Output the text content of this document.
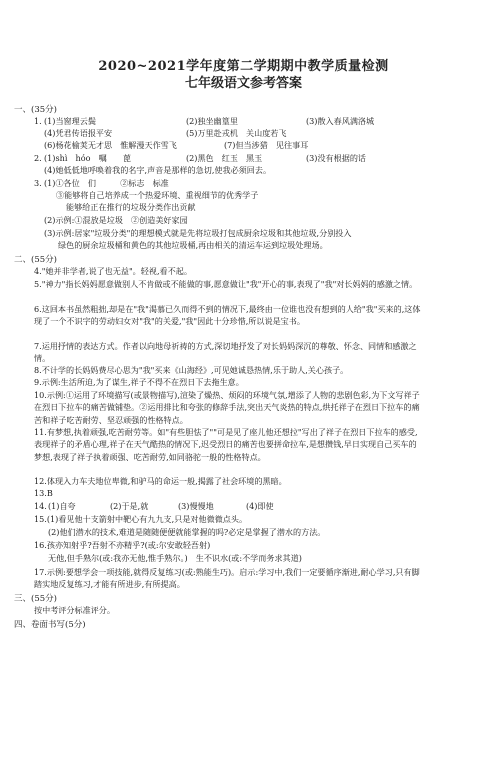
2020~2021学年度第二学期期中教学质量检测
七年级语文参考答案
一、(35分)
1. (1)当窗理云鬓	(2)独坐幽篁里	(3)散入春风满洛城
(4)凭君传语报平安	(5)万里赴戎机　关山度若飞
(6)杨花榆荚无才思　惟解漫天作雪飞	(7)但当涉猎　见往事耳
2. (1)shì　hóo　嘱　　蓖	(2)黑色　红玉　黑玉	(3)没有根据的话
(4)她低低地呼唤着我的名字,声音是那样的急切,使我必须回去。
3. (1)①各位　们　　　②标志　标准
③能够将自己培养成一个热爱环境、重视细节的优秀学子
能够给正在推行的垃圾分类作出贡献
(2)示例:①混放是垃圾　②创造美好家园
(3)示例:居家"垃圾分类"的理想模式就是先将垃圾打包成厨余垃圾和其他垃圾,分别投入
绿色的厨余垃圾桶和黄色的其他垃圾桶,再由相关的清运车运到垃圾处理场。
二、(55分)
4."她并非学者,说了也无益"。轻视,看不起。
5."神力"指长妈妈愿意做别人不肯做或不能做的事,愿意做让"我"开心的事,表现了"我"对长妈妈的感激之情。
6.这回本书虽然粗拙,却是在"我"渴慕已久而得不到的情况下,最终由一位谁也没有想到的人给"我"买来的,这体现了一个不识字的劳动妇女对"我"的关爱,"我"因此十分珍惜,所以说是宝书。
7.运用抒情的表达方式。作者以向地母祈祷的方式,深切地抒发了对长妈妈深沉的尊敬、怀念、同情和感激之情。
8.不计学的长妈妈费尽心思为"我"买来《山海经》,可见她诚恳热情,乐于助人,关心孩子。
9.示例:生活所迫,为了谋生,祥子不得不在烈日下去拖生意。
10.示例:①运用了环境描写(或景物描写),渲染了燥热、烦闷的环境气氛,增添了人物的悲剧色彩,为下文写祥子在烈日下拉车的痛苦做铺垫。②运用排比和夸张的修辞手法,突出天气炎热的特点,烘托祥子在烈日下拉车的痛苦和祥子吃苦耐劳、坚忍顽强的性格特点。
11.有梦想,执着顽强,吃苦耐劳等。如"有些胆怯了""可是见了座儿他还想拉"写出了祥子在烈日下拉车的感受,表现祥子的矛盾心理,祥子在天气酷热的情况下,迟受烈日的痛苦也要拼命拉车,是想攒钱,早日实现自己买车的梦想,表现了祥子执着顽强、吃苦耐劳,如同骆驼一般的性格特点。
12.体现入力车夫地位卑微,和驴马的命运一般,揭露了社会环境的黑暗。
13.B
14. (1)自夸	(2)于是,就	(3)慢慢地	(4)即使
15.(1)看见他十支箭射中靶心有九九支,只是对他微微点头。
(2)他们潜水的技术,难道是随随便便就能掌握的吗?必定是掌握了潜水的方法。
16.孩亦知射乎?吾射不亦精乎?(或:尔安敢轻吾射)
无他,但手熟尔(或:我亦无他,惟手熟尔。)　生不识水(或:不学而务求其道)
17.示例:要想学会一项技能,就得反复练习(或:熟能生巧)。启示:学习中,我们一定要循序渐进,耐心学习,只有脚踏实地反复练习,才能有所进步,有所提高。
三、(55分)
按中考评分标准评分。
四、卷面书写(5分)
